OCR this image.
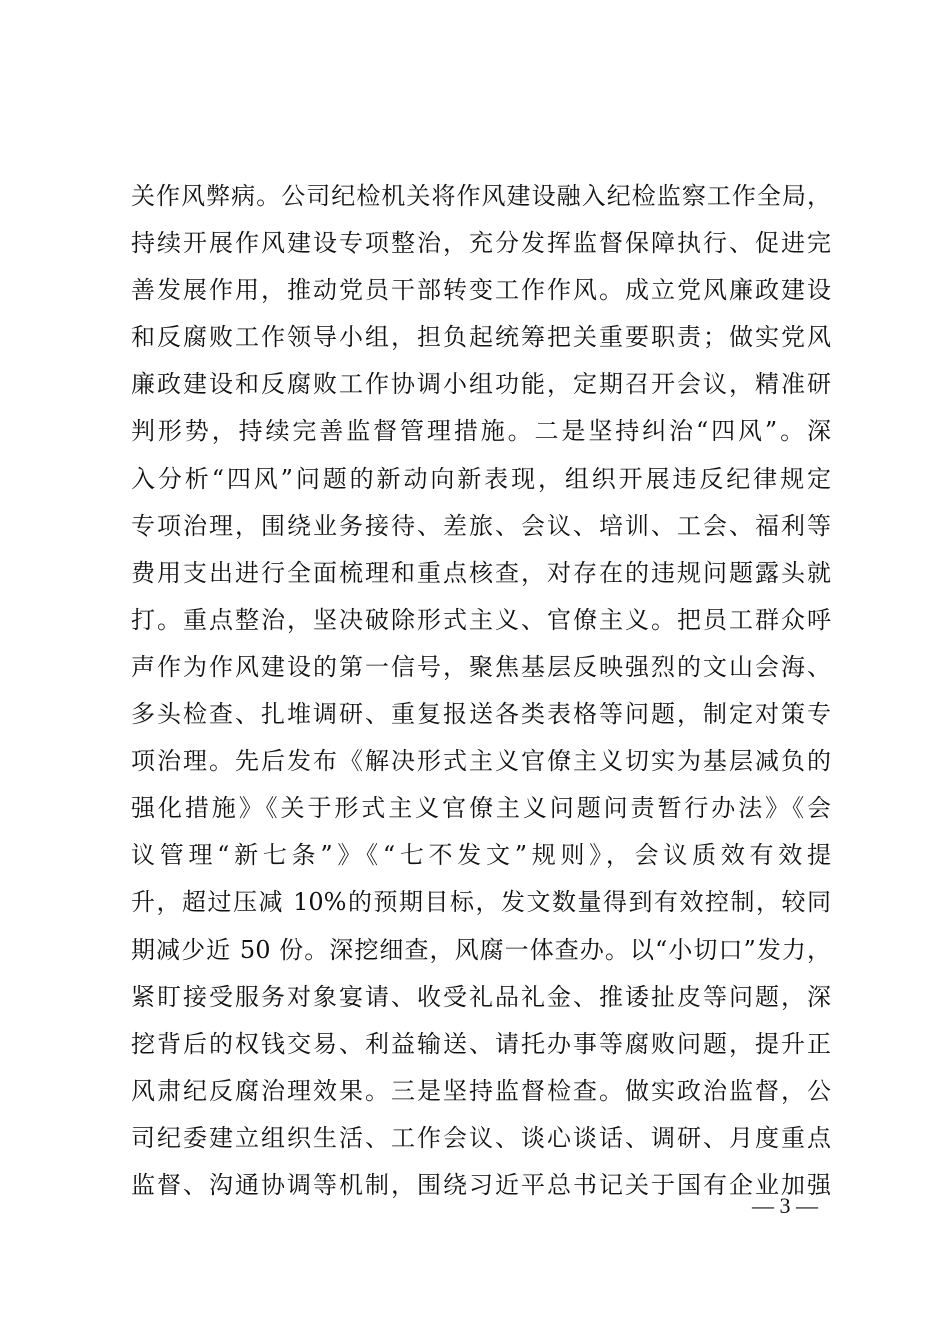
关作风弊病。公司纪检机关将作风建设融入纪检监察工作全局，
持续开展作风建设专项整治，充分发挥监督保障执行、促进完
善发展作用，推动党员干部转变工作作风。成立党风廉政建设
和反腐败工作领导小组，担负起统筹把关重要职责；做实党风
廉政建设和反腐败工作协调小组功能，定期召开会议，精准研
判形势，持续完善监督管理措施。二是坚持纠治“四风”。深
入分析“四风”问题的新动向新表现，组织开展违反纪律规定
专项治理，围绕业务接待、差旅、会议、培训、工会、福利等
费用支出进行全面梳理和重点核查，对存在的违规问题露头就
打。重点整治，坚决破除形式主义、官僚主义。把员工群众呼
声作为作风建设的第一信号，聚焦基层反映强烈的文山会海、
多头检查、扎堆调研、重复报送各类表格等问题，制定对策专
项治理。先后发布《解决形式主义官僚主义切实为基层减负的
强化措施》《关于形式主义官僚主义问题问责暂行办法》《会
议管理“新七条”》《“七不发文”规则》，会议质效有效提
升，超过压减 10%的预期目标，发文数量得到有效控制，较同
期减少近 50 份。深挖细查，风腐一体查办。以“小切口”发力，
紧盯接受服务对象宴请、收受礼品礼金、推诿扯皮等问题，深
挖背后的权钱交易、利益输送、请托办事等腐败问题，提升正
风肃纪反腐治理效果。三是坚持监督检查。做实政治监督，公
司纪委建立组织生活、工作会议、谈心谈话、调研、月度重点
监督、沟通协调等机制，围绕习近平总书记关于国有企业加强
— 3 —
